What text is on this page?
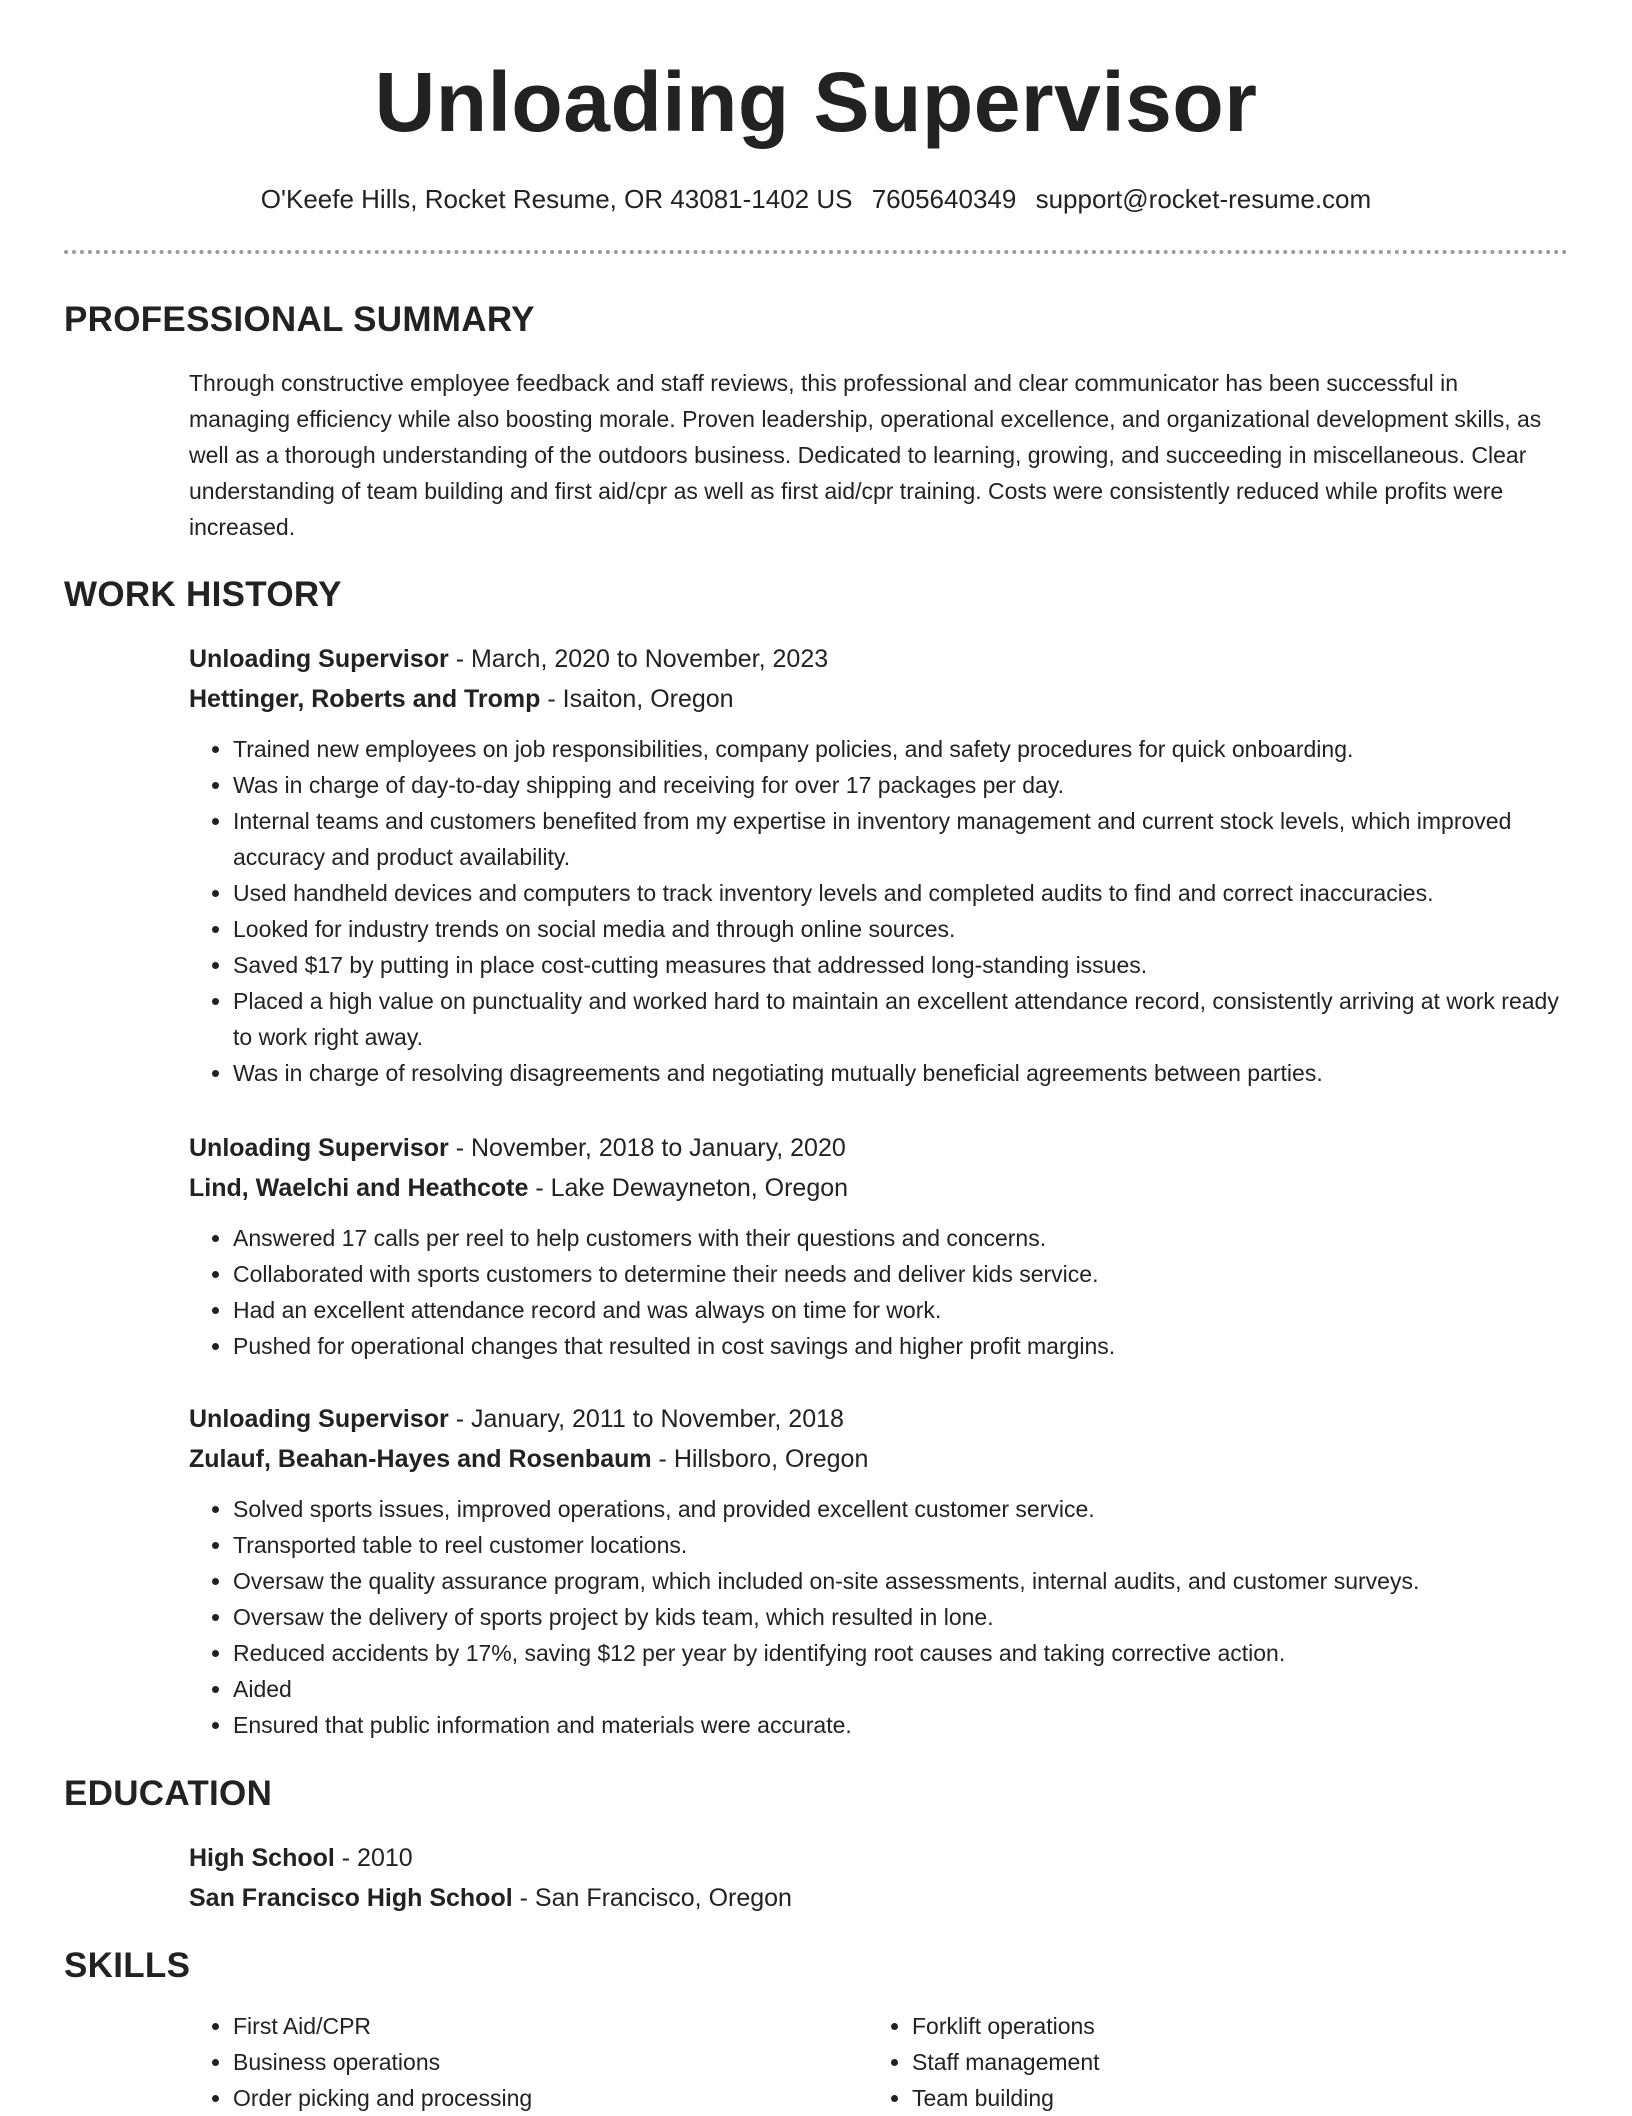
Unloading Supervisor
O'Keefe Hills, Rocket Resume, OR 43081-1402 US 7605640349 support@rocket-resume.com
PROFESSIONAL SUMMARY

Through constructive employee feedback and staff reviews, this professional and clear communicator has been successful in managing efficiency while also boosting morale. Proven leadership, operational excellence, and organizational development skills, as well as a thorough understanding of the outdoors business. Dedicated to learning, growing, and succeeding in miscellaneous. Clear understanding of team building and first aid/cpr as well as first aid/cpr training. Costs were consistently reduced while profits were increased.

WORK HISTORY
Unloading Supervisor - March, 2020 to November, 2023
Hettinger, Roberts and Tromp - Isaiton, Oregon
• Trained new employees on job responsibilities, company policies, and safety procedures for quick onboarding.
• Was in charge of day-to-day shipping and receiving for over 17 packages per day.
• Internal teams and customers benefited from my expertise in inventory management and current stock levels, which improved accuracy and product availability.
• Used handheld devices and computers to track inventory levels and completed audits to find and correct inaccuracies.
• Looked for industry trends on social media and through online sources.
• Saved $17 by putting in place cost-cutting measures that addressed long-standing issues.
• Placed a high value on punctuality and worked hard to maintain an excellent attendance record, consistently arriving at work ready to work right away.
• Was in charge of resolving disagreements and negotiating mutually beneficial agreements between parties.
Unloading Supervisor - November, 2018 to January, 2020
Lind, Waelchi and Heathcote - Lake Dewayneton, Oregon
• Answered 17 calls per reel to help customers with their questions and concerns.
• Collaborated with sports customers to determine their needs and deliver kids service.
• Had an excellent attendance record and was always on time for work.
• Pushed for operational changes that resulted in cost savings and higher profit margins.
Unloading Supervisor - January, 2011 to November, 2018
Zulauf, Beahan-Hayes and Rosenbaum - Hillsboro, Oregon
• Solved sports issues, improved operations, and provided excellent customer service.
• Transported table to reel customer locations.
• Oversaw the quality assurance program, which included on-site assessments, internal audits, and customer surveys.
• Oversaw the delivery of sports project by kids team, which resulted in lone.
• Reduced accidents by 17%, saving $12 per year by identifying root causes and taking corrective action.
• Aided
• Ensured that public information and materials were accurate.
EDUCATION
High School - 2010
San Francisco High School - San Francisco, Oregon
SKILLS
• First Aid/CPR
• Business operations
• Order picking and processing
• Forklift operations
• Staff management
• Team building
